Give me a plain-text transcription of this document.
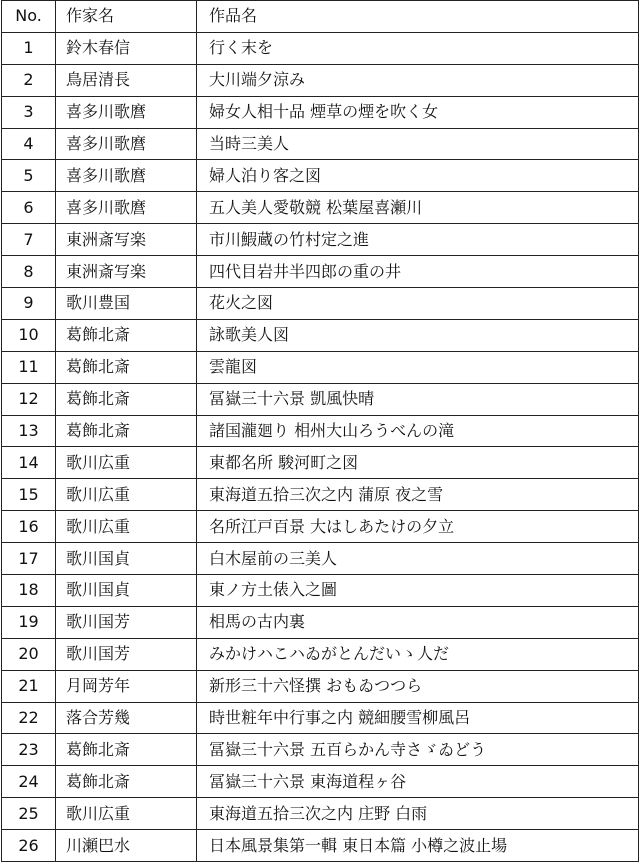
No.	作家名	作品名
1	鈴木春信	行く末を
2	鳥居清長	大川端夕涼み
3	喜多川歌麿	婦女人相十品 煙草の煙を吹く女
4	喜多川歌麿	当時三美人
5	喜多川歌麿	婦人泊り客之図
6	喜多川歌麿	五人美人愛敬競 松葉屋喜瀬川
7	東洲斎写楽	市川鰕蔵の竹村定之進
8	東洲斎写楽	四代目岩井半四郎の重の井
9	歌川豊国	花火之図
10	葛飾北斎	詠歌美人図
11	葛飾北斎	雲龍図
12	葛飾北斎	冨嶽三十六景 凱風快晴
13	葛飾北斎	諸国瀧廻り 相州大山ろうべんの滝
14	歌川広重	東都名所 駿河町之図
15	歌川広重	東海道五拾三次之内 蒲原 夜之雪
16	歌川広重	名所江戸百景 大はしあたけの夕立
17	歌川国貞	白木屋前の三美人
18	歌川国貞	東ノ方土俵入之圖
19	歌川国芳	相馬の古内裏
20	歌川国芳	みかけハこハゐがとんだいゝ人だ
21	月岡芳年	新形三十六怪撰 おもゐつつら
22	落合芳幾	時世粧年中行事之内 競細腰雪柳風呂
23	葛飾北斎	冨嶽三十六景 五百らかん寺さゞゐどう
24	葛飾北斎	冨嶽三十六景 東海道程ヶ谷
25	歌川広重	東海道五拾三次之内 庄野 白雨
26	川瀬巴水	日本風景集第一輯 東日本篇 小樽之波止場
